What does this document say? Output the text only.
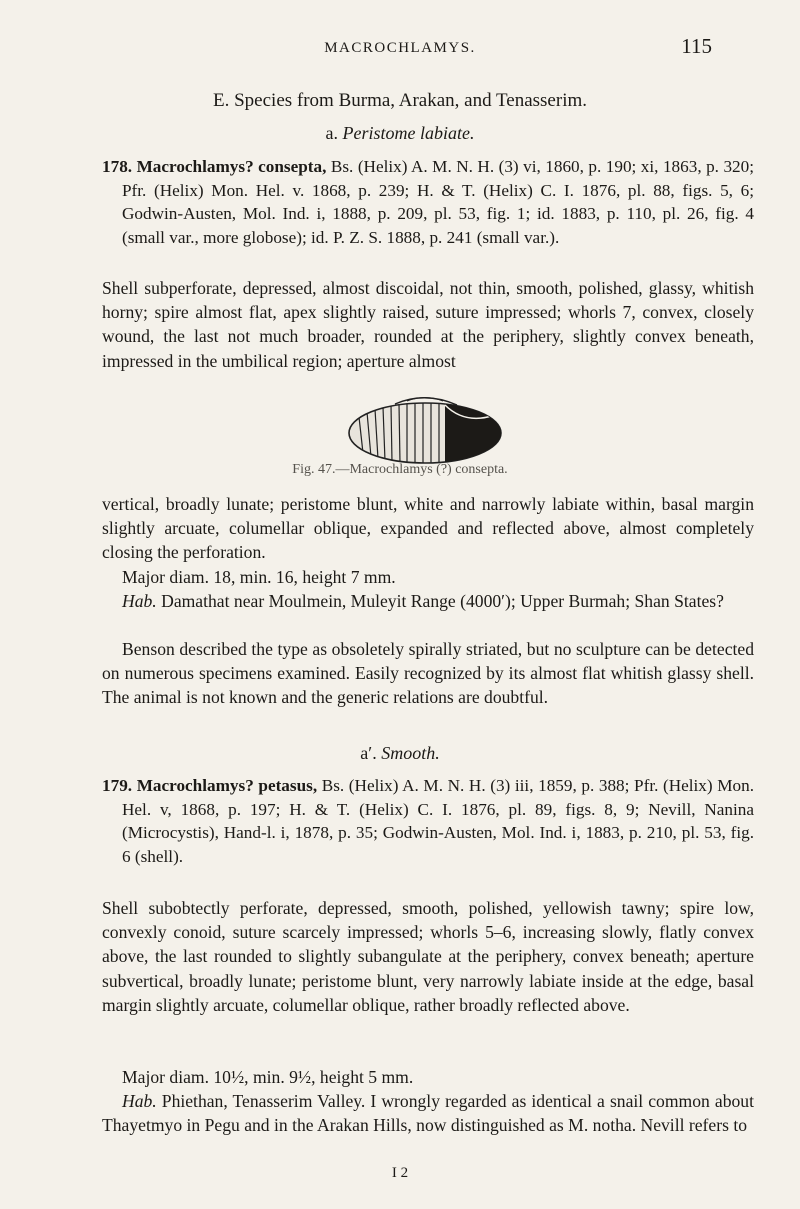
MACROCHLAMYS.	115
E. Species from Burma, Arakan, and Tenasserim.
a. Peristome labiate.

178. Macrochlamys? consepta, Bs. (Helix) A. M. N. H. (3) vi, 1860, p. 190; xi, 1863, p. 320; Pfr. (Helix) Mon. Hel. v. 1868, p. 239; H. & T. (Helix) C. I. 1876, pl. 88, figs. 5, 6; Godwin-Austen, Mol. Ind. i, 1888, p. 209, pl. 53, fig. 1; id. 1883, p. 110, pl. 26, fig. 4 (small var., more globose); id. P. Z. S. 1888, p. 241 (small var.).

Shell subperforate, depressed, almost discoidal, not thin, smooth, polished, glassy, whitish horny; spire almost flat, apex slightly raised, suture impressed; whorls 7, convex, closely wound, the last not much broader, rounded at the periphery, slightly convex beneath, impressed in the umbilical region; aperture almost

Fig. 47.—Macrochlamys (?) consepta.

vertical, broadly lunate; peristome blunt, white and narrowly labiate within, basal margin slightly arcuate, columellar oblique, expanded and reflected above, almost completely closing the perforation.

Major diam. 18, min. 16, height 7 mm.

Hab. Damathat near Moulmein, Muleyit Range (4000′); Upper Burmah; Shan States?

Benson described the type as obsoletely spirally striated, but no sculpture can be detected on numerous specimens examined. Easily recognized by its almost flat whitish glassy shell. The animal is not known and the generic relations are doubtful.

a′. Smooth.

179. Macrochlamys? petasus, Bs. (Helix) A. M. N. H. (3) iii, 1859, p. 388; Pfr. (Helix) Mon. Hel. v, 1868, p. 197; H. & T. (Helix) C. I. 1876, pl. 89, figs. 8, 9; Nevill, Nanina (Microcystis), Hand-l. i, 1878, p. 35; Godwin-Austen, Mol. Ind. i, 1883, p. 210, pl. 53, fig. 6 (shell).

Shell subobtectly perforate, depressed, smooth, polished, yellowish tawny; spire low, convexly conoid, suture scarcely impressed; whorls 5–6, increasing slowly, flatly convex above, the last rounded to slightly subangulate at the periphery, convex beneath; aperture subvertical, broadly lunate; peristome blunt, very narrowly labiate inside at the edge, basal margin slightly arcuate, columellar oblique, rather broadly reflected above.

Major diam. 10½, min. 9½, height 5 mm.

Hab. Phiethan, Tenasserim Valley. I wrongly regarded as identical a snail common about Thayetmyo in Pegu and in the Arakan Hills, now distinguished as M. notha. Nevill refers to

I 2
